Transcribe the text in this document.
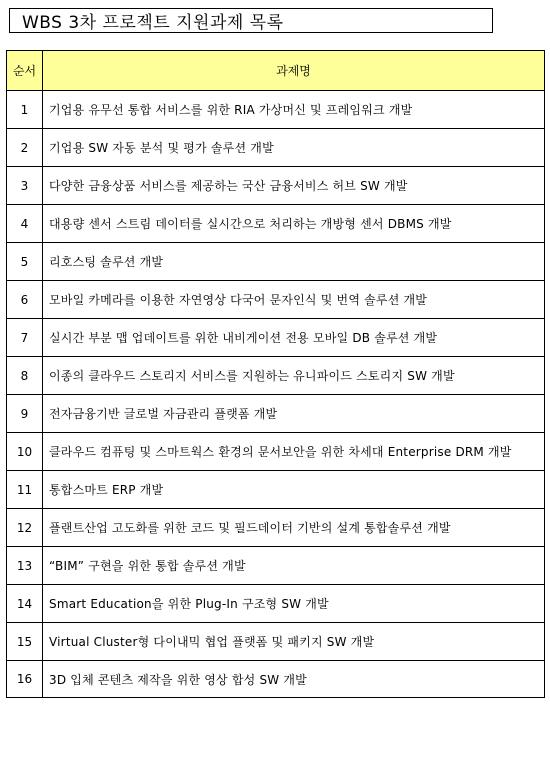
WBS 3차 프로젝트 지원과제 목록
순서	과제명
1	기업용 유무선 통합 서비스를 위한 RIA 가상머신 및 프레임워크 개발
2	기업용 SW 자동 분석 및 평가 솔루션 개발
3	다양한 금융상품 서비스를 제공하는 국산 금융서비스 허브 SW 개발
4	대용량 센서 스트림 데이터를 실시간으로 처리하는 개방형 센서 DBMS 개발
5	리호스팅 솔루션 개발
6	모바일 카메라를 이용한 자연영상 다국어 문자인식 및 번역 솔루션 개발
7	실시간 부분 맵 업데이트를 위한 내비게이션 전용 모바일 DB 솔루션 개발
8	이종의 클라우드 스토리지 서비스를 지원하는 유니파이드 스토리지 SW 개발
9	전자금융기반 글로벌 자금관리 플랫폼 개발
10	클라우드 컴퓨팅 및 스마트웍스 환경의 문서보안을 위한 차세대 Enterprise DRM 개발
11	통합스마트 ERP 개발
12	플랜트산업 고도화를 위한 코드 및 필드데이터 기반의 설계 통합솔루션 개발
13	“BIM” 구현을 위한 통합 솔루션 개발
14	Smart Education을 위한 Plug-In 구조형 SW 개발
15	Virtual Cluster형 다이내믹 협업 플랫폼 및 패키지 SW 개발
16	3D 입체 콘텐츠 제작을 위한 영상 합성 SW 개발
